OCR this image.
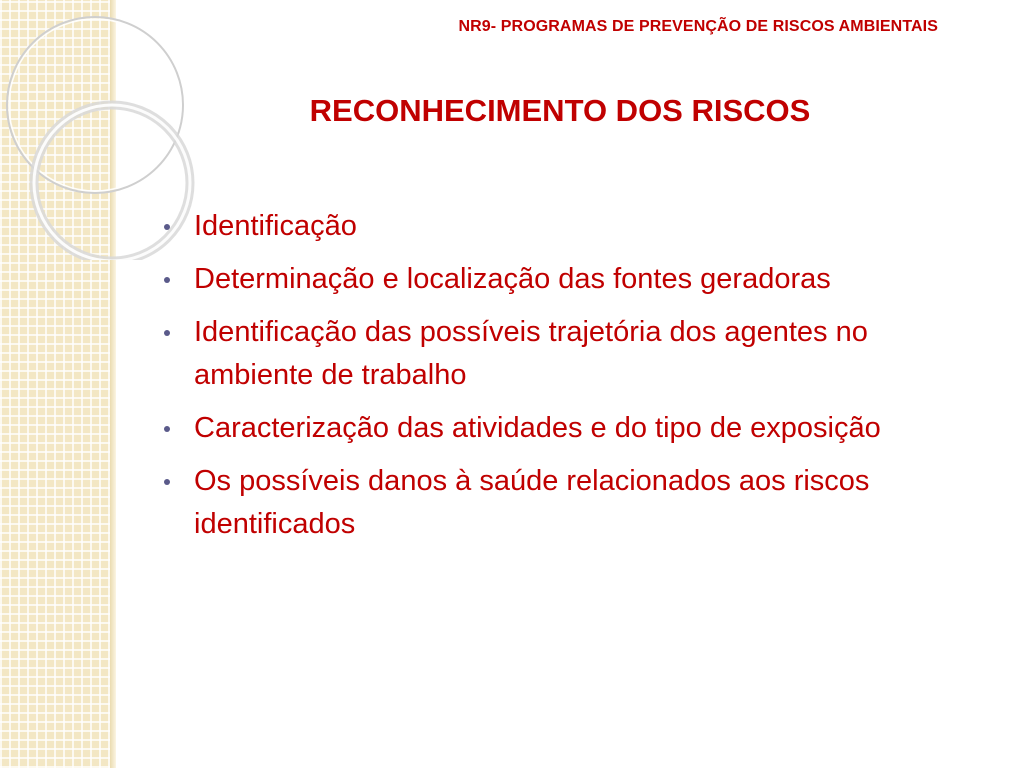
NR9- PROGRAMAS DE PREVENÇÃO DE RISCOS AMBIENTAIS
RECONHECIMENTO DOS RISCOS
Identificação
Determinação e localização das fontes geradoras
Identificação das possíveis trajetória dos agentes no ambiente de trabalho
Caracterização das atividades e do tipo de exposição
Os possíveis danos à saúde relacionados aos riscos identificados
